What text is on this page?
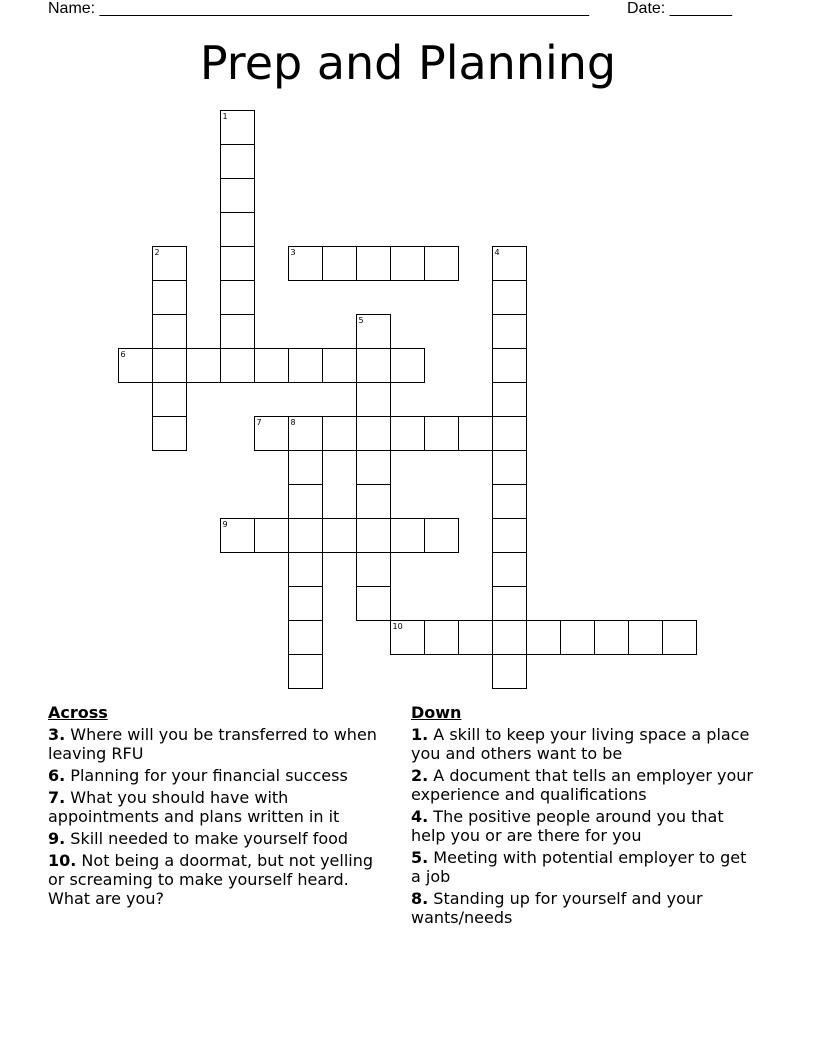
Name: _______________________________________________________ Date: _______
Prep and Planning
1
2	3	4
5
6
7	8
9
10
Across
3. Where will you be transferred to when leaving RFU
6. Planning for your financial success
7. What you should have with appointments and plans written in it
9. Skill needed to make yourself food
10. Not being a doormat, but not yelling or screaming to make yourself heard. What are you?
Down
1. A skill to keep your living space a place you and others want to be
2. A document that tells an employer your experience and qualifications
4. The positive people around you that help you or are there for you
5. Meeting with potential employer to get a job
8. Standing up for yourself and your wants/needs
